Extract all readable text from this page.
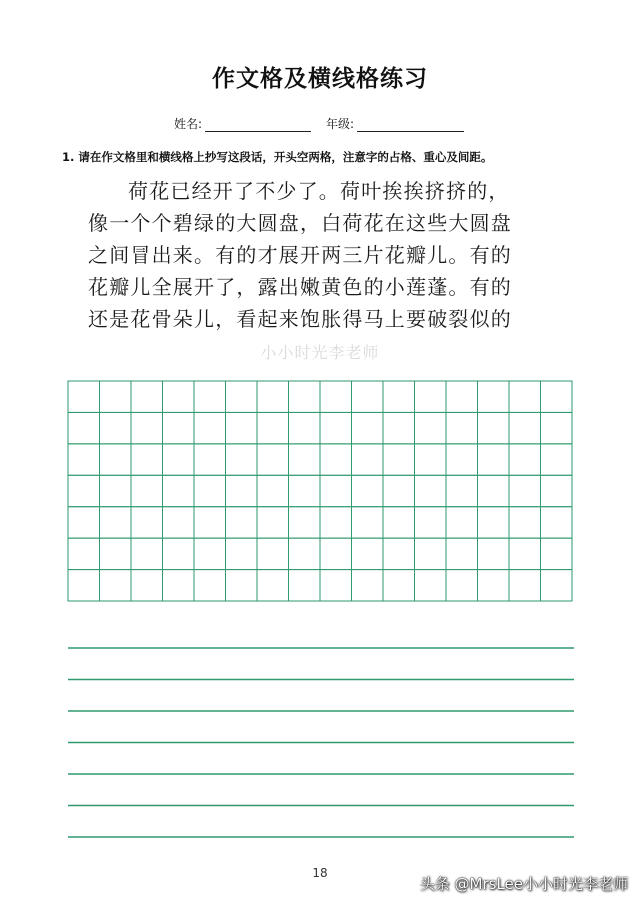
作文格及横线格练习
姓名:	年级:
1. 请在作文格里和横线格上抄写这段话，开头空两格，注意字的占格、重心及间距。
荷花已经开了不少了。荷叶挨挨挤挤的，
像一个个碧绿的大圆盘，白荷花在这些大圆盘
之间冒出来。有的才展开两三片花瓣儿。有的
花瓣儿全展开了，露出嫩黄色的小莲蓬。有的
还是花骨朵儿，看起来饱胀得马上要破裂似的
小小时光李老师
18
头条 @MrsLee小小时光李老师
